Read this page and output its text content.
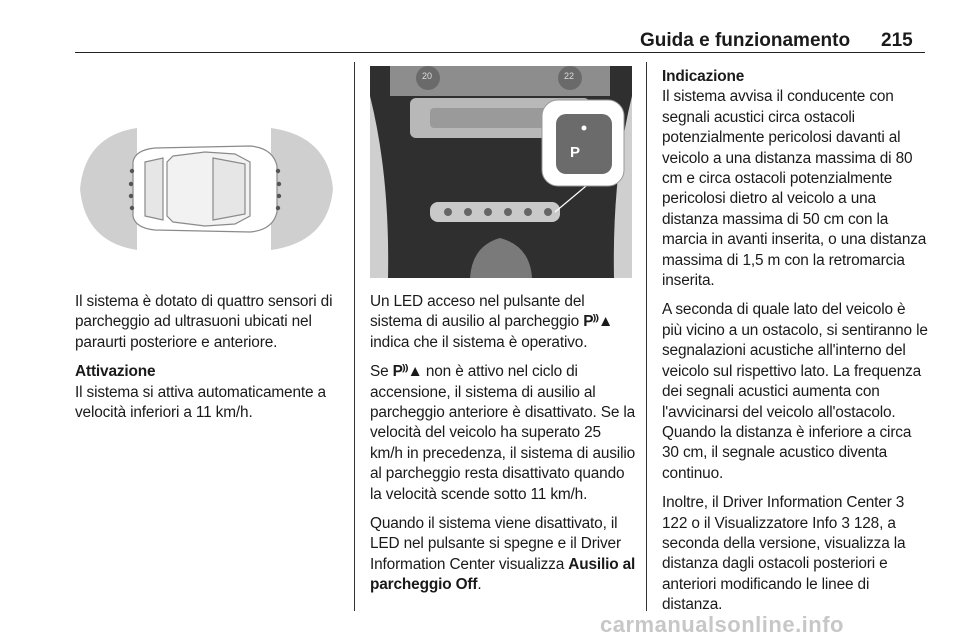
Guida e funzionamento 215
20	22
P

Il sistema è dotato di quattro sensori di parcheggio ad ultrasuoni ubicati nel paraurti posteriore e anteriore.

Attivazione
Il sistema si attiva automaticamente a velocità inferiori a 11 km/h.

Un LED acceso nel pulsante del sistema di ausilio al parcheggio P⁾⁾▲ indica che il sistema è operativo.

Se P⁾⁾▲ non è attivo nel ciclo di accensione, il sistema di ausilio al parcheggio anteriore è disattivato. Se la velocità del veicolo ha superato 25 km/h in precedenza, il sistema di ausilio al parcheggio resta disattivato quando la velocità scende sotto 11 km/h.

Quando il sistema viene disattivato, il LED nel pulsante si spegne e il Driver Information Center visualizza Ausilio al parcheggio Off.

Indicazione
Il sistema avvisa il conducente con segnali acustici circa ostacoli potenzialmente pericolosi davanti al veicolo a una distanza massima di 80 cm e circa ostacoli potenzialmente pericolosi dietro al veicolo a una distanza massima di 50 cm con la marcia in avanti inserita, o una distanza massima di 1,5 m con la retromarcia inserita.

A seconda di quale lato del veicolo è più vicino a un ostacolo, si sentiranno le segnalazioni acustiche all'interno del veicolo sul rispettivo lato. La frequenza dei segnali acustici aumenta con l'avvicinarsi del veicolo all'ostacolo. Quando la distanza è inferiore a circa 30 cm, il segnale acustico diventa continuo.

Inoltre, il Driver Information Center 3 122 o il Visualizzatore Info 3 128, a seconda della versione, visualizza la distanza dagli ostacoli posteriori e anteriori modificando le linee di distanza.

carmanualsonline.info
